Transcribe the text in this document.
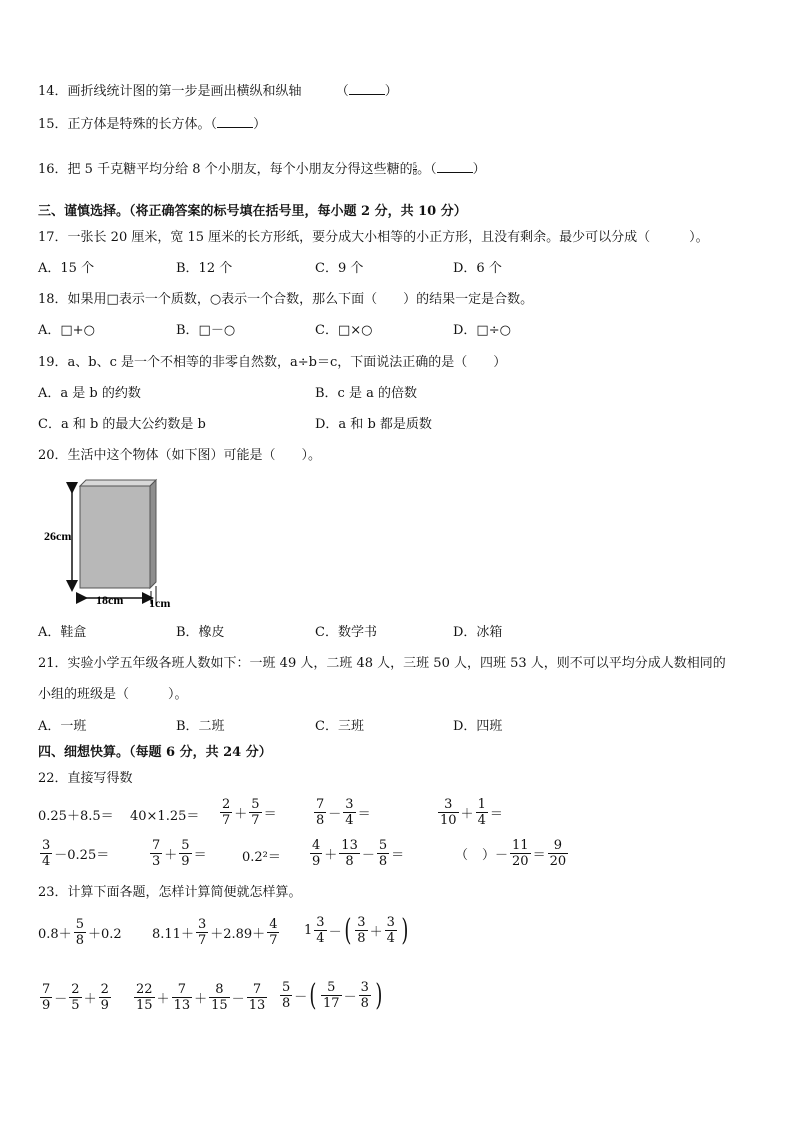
14．画折线统计图的第一步是画出横纵和纵轴	（	）
15．正方体是特殊的长方体。（	）
16．把 5 千克糖平均分给 8 个小朋友，每个小朋友分得这些糖的 $\frac{5}{8}$ 。（	）
三、谨慎选择。（将正确答案的标号填在括号里，每小题 2 分，共 10 分）
17．一张长 20 厘米，宽 15 厘米的长方形纸，要分成大小相等的小正方形，且没有剩余。最少可以分成（　　　）。
A．15 个	B．12 个	C．9 个	D．6 个
18．如果用□表示一个质数，○表示一个合数，那么下面（　　）的结果一定是合数。
A．□+○	B．□－○	C．□×○	D．□÷○
19．a、b、c 是一个不相等的非零自然数，a÷b＝c，下面说法正确的是（　　）
A．a 是 b 的约数	B．c 是 a 的倍数
C．a 和 b 的最大公约数是 b	D．a 和 b 都是质数
20．生活中这个物体（如下图）可能是（　　）。
26cm
18cm 1cm
A．鞋盒	B．橡皮	C．数学书	D．冰箱
21．实验小学五年级各班人数如下：一班 49 人，二班 48 人，三班 50 人，四班 53 人，则不可以平均分成人数相同的
小组的班级是（　　　）。
A．一班	B．二班	C．三班	D．四班
四、细想快算。（每题 6 分，共 24 分）
22．直接写得数
$0.25+8.5= 40\times 1.25= \frac{2}{7} + \frac{5}{7}$ ＝	$\frac{7}{8} - \frac{3}{4}$ ＝	$\frac{3}{10} + \frac{1}{4}$ ＝
$\frac{3}{4} -0.25=$	$\frac{7}{3} + \frac{5}{9}$ ＝	$0.2^2= \frac{4}{9} + \frac{13}{8} - \frac{5}{8}$ ＝	（ ）－ $\frac{11}{20} = \frac{9}{20}$
23．计算下面各题，怎样计算简便就怎样算。
$0.8+ \frac{5}{8} +0.2$ $8.11+ \frac{3}{7} +2.89+ \frac{4}{7} 1 \frac{3}{4}$ － ( $\frac{3}{8} + \frac{3}{4}$ )
$\frac{7}{9} - \frac{2}{5} + \frac{2}{9} \frac{22}{15} + \frac{7}{13} + \frac{8}{15} - \frac{7}{13} \frac{5}{8}$ － ( $\frac{5}{17} - \frac{3}{8}$ )
